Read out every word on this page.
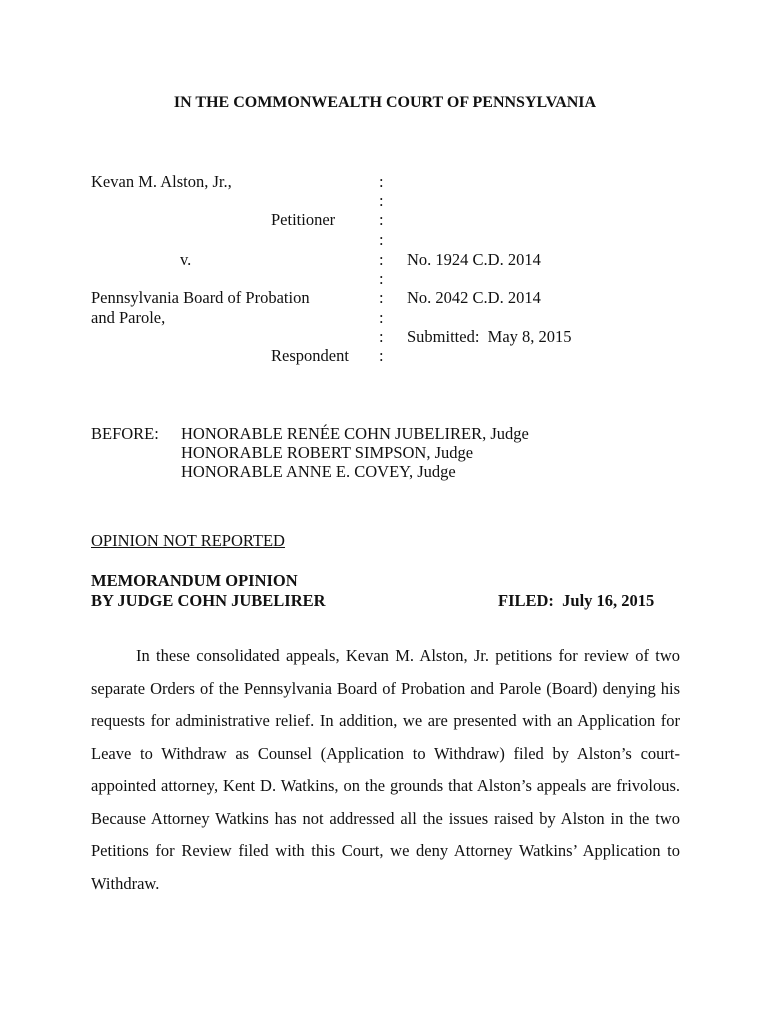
IN THE COMMONWEALTH COURT OF PENNSYLVANIA
Kevan M. Alston, Jr.,
Petitioner
v.
Pennsylvania Board of Probation
and Parole,
Respondent
:
:
:
:
:
:
:
:
:
:
No. 1924 C.D. 2014
No. 2042 C.D. 2014
Submitted:  May 8, 2015
BEFORE: HONORABLE RENÉE COHN JUBELIRER, Judge
HONORABLE ROBERT SIMPSON, Judge
HONORABLE ANNE E. COVEY, Judge
OPINION NOT REPORTED
MEMORANDUM OPINION
BY JUDGE COHN JUBELIRER	FILED:  July 16, 2015

In these consolidated appeals, Kevan M. Alston, Jr. petitions for review of two separate Orders of the Pennsylvania Board of Probation and Parole (Board) denying his requests for administrative relief. In addition, we are presented with an Application for Leave to Withdraw as Counsel (Application to Withdraw) filed by Alston’s court-appointed attorney, Kent D. Watkins, on the grounds that Alston’s appeals are frivolous. Because Attorney Watkins has not addressed all the issues raised by Alston in the two Petitions for Review filed with this Court, we deny Attorney Watkins’ Application to Withdraw.
